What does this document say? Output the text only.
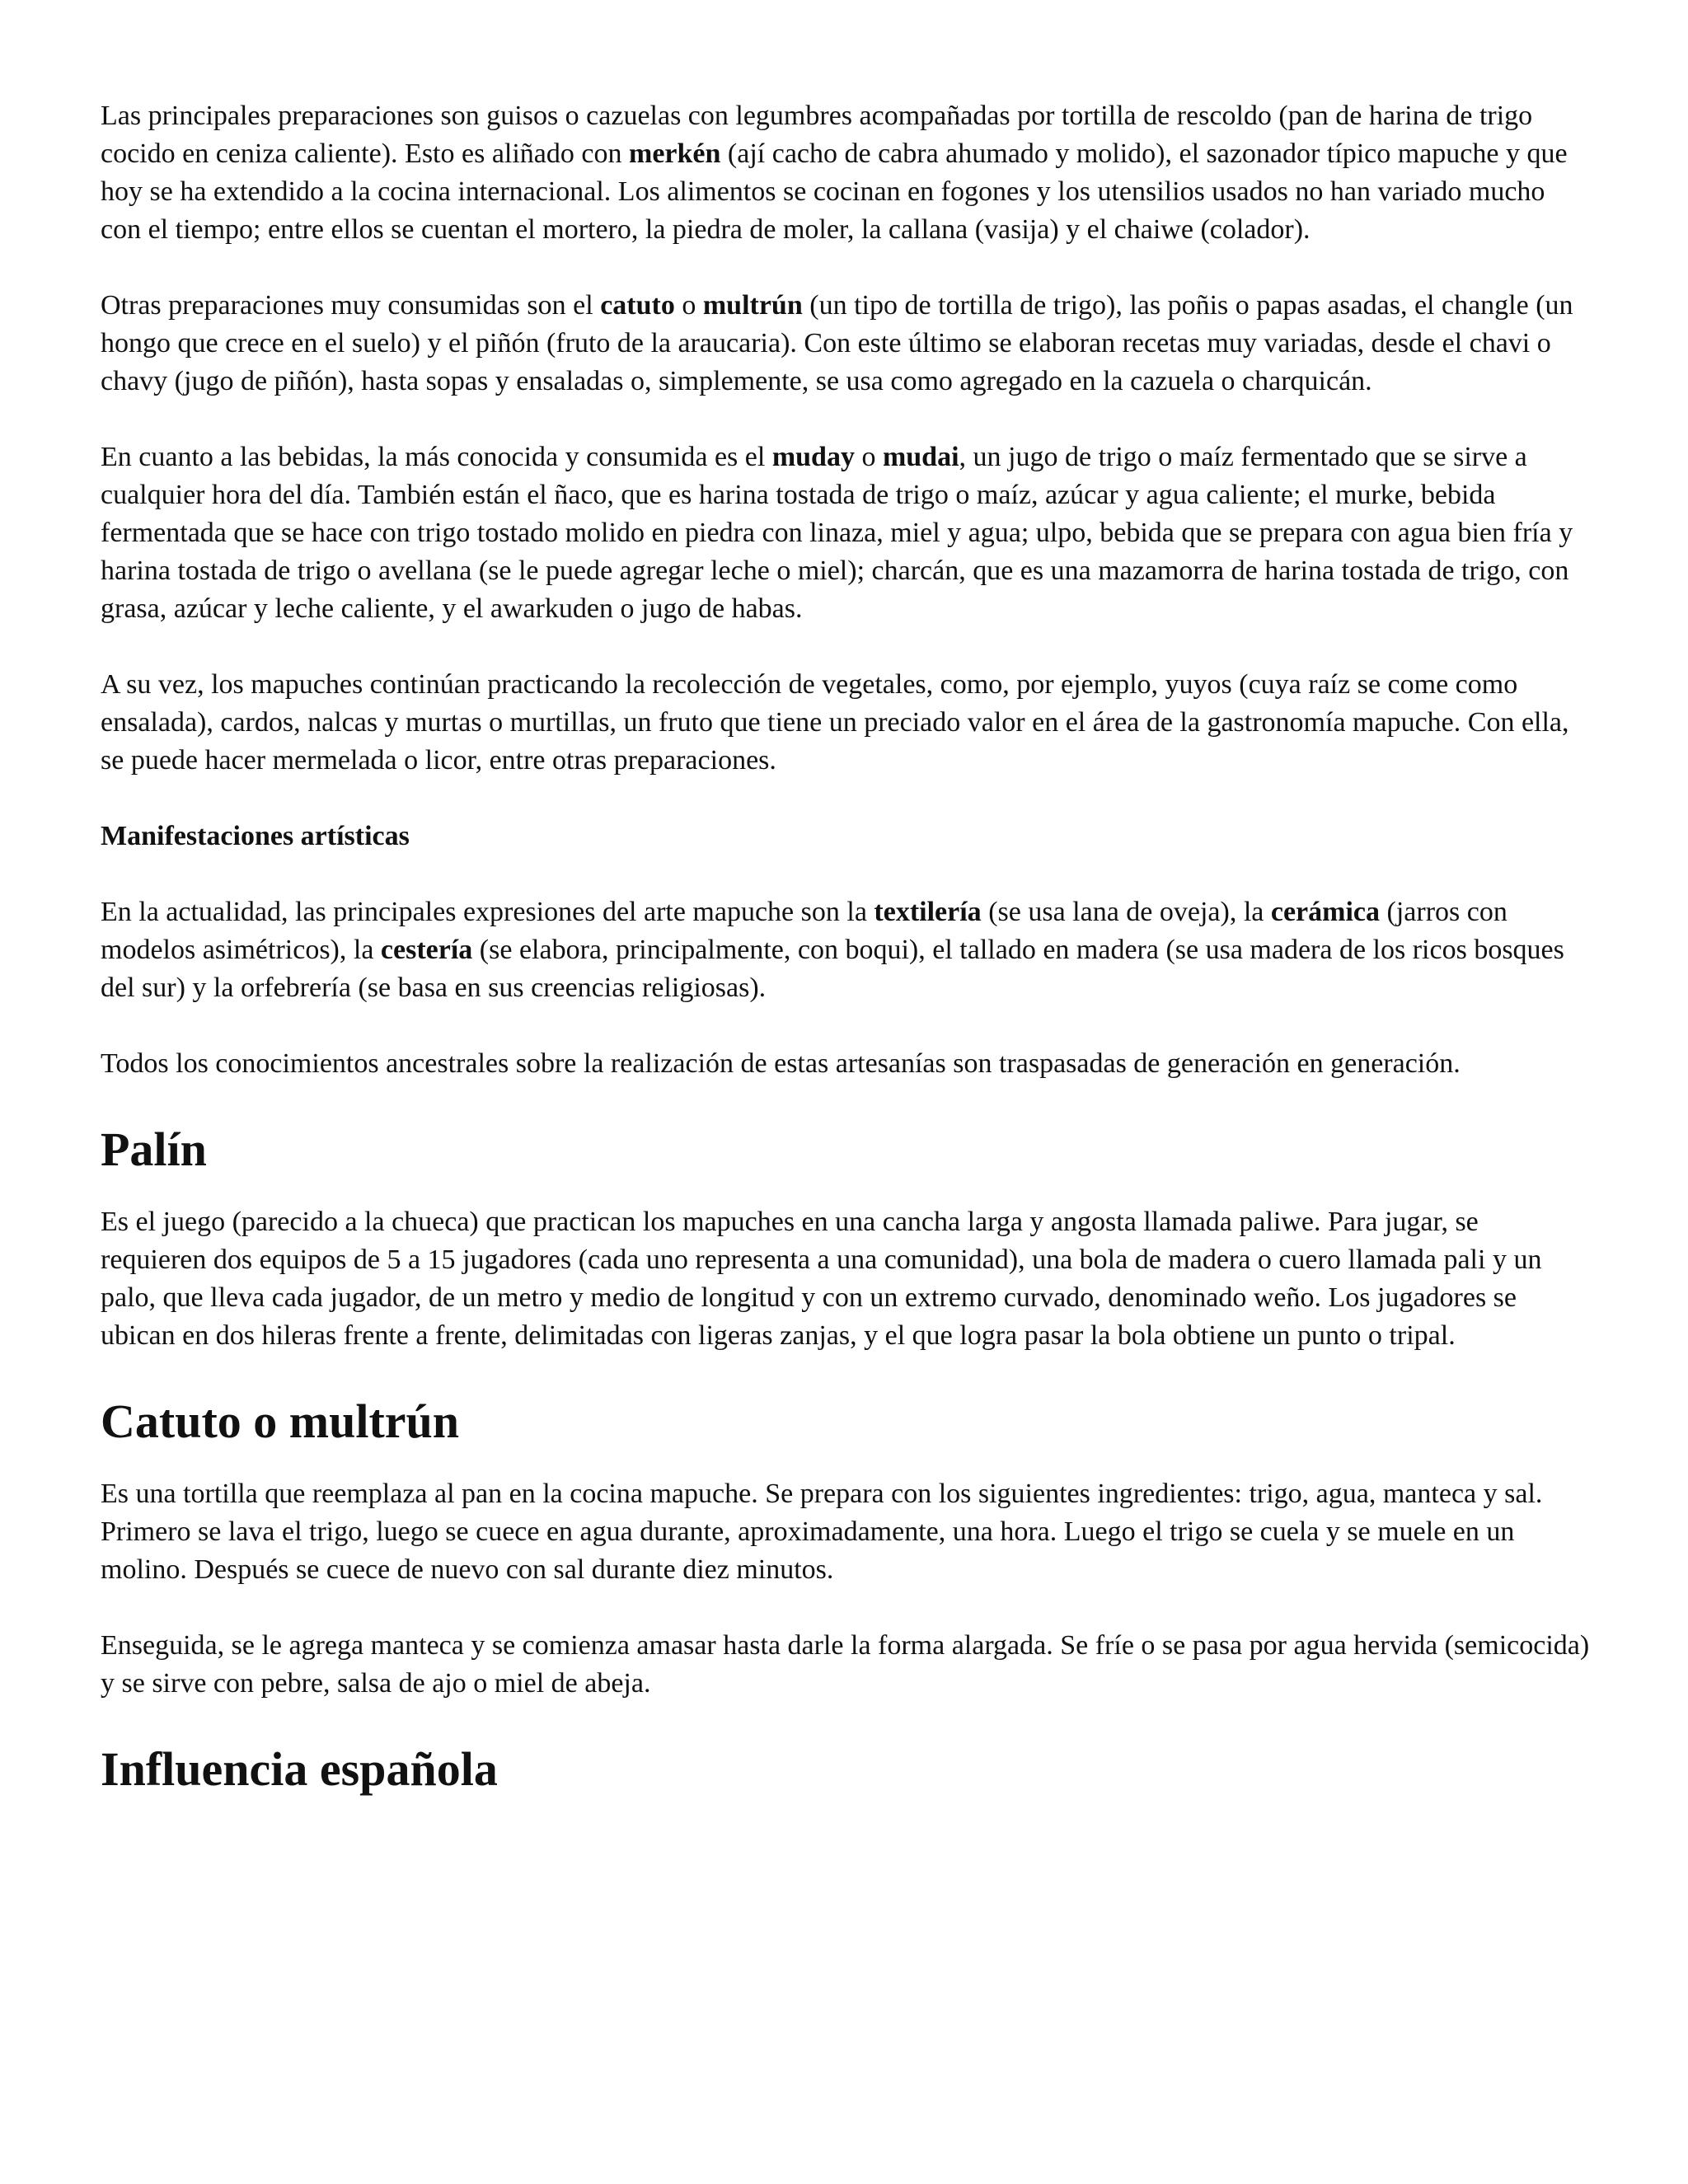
Las principales preparaciones son guisos o cazuelas con legumbres acompañadas por tortilla de rescoldo (pan de harina de trigo cocido en ceniza caliente). Esto es aliñado con merkén (ají cacho de cabra ahumado y molido), el sazonador típico mapuche y que hoy se ha extendido a la cocina internacional. Los alimentos se cocinan en fogones y los utensilios usados no han variado mucho con el tiempo; entre ellos se cuentan el mortero, la piedra de moler, la callana (vasija) y el chaiwe (colador).

Otras preparaciones muy consumidas son el catuto o multrún (un tipo de tortilla de trigo), las poñis o papas asadas, el changle (un hongo que crece en el suelo) y el piñón (fruto de la araucaria). Con este último se elaboran recetas muy variadas, desde el chavi o chavy (jugo de piñón), hasta sopas y ensaladas o, simplemente, se usa como agregado en la cazuela o charquicán.

En cuanto a las bebidas, la más conocida y consumida es el muday o mudai, un jugo de trigo o maíz fermentado que se sirve a cualquier hora del día. También están el ñaco, que es harina tostada de trigo o maíz, azúcar y agua caliente; el murke, bebida fermentada que se hace con trigo tostado molido en piedra con linaza, miel y agua; ulpo, bebida que se prepara con agua bien fría y harina tostada de trigo o avellana (se le puede agregar leche o miel); charcán, que es una mazamorra de harina tostada de trigo, con grasa, azúcar y leche caliente, y el awarkuden o jugo de habas.

A su vez, los mapuches continúan practicando la recolección de vegetales, como, por ejemplo, yuyos (cuya raíz se come como ensalada), cardos, nalcas y murtas o murtillas, un fruto que tiene un preciado valor en el área de la gastronomía mapuche. Con ella, se puede hacer mermelada o licor, entre otras preparaciones.

Manifestaciones artísticas

En la actualidad, las principales expresiones del arte mapuche son la textilería (se usa lana de oveja), la cerámica (jarros con modelos asimétricos), la cestería (se elabora, principalmente, con boqui), el tallado en madera (se usa madera de los ricos bosques del sur) y la orfebrería (se basa en sus creencias religiosas).

Todos los conocimientos ancestrales sobre la realización de estas artesanías son traspasadas de generación en generación.

Palín

Es el juego (parecido a la chueca) que practican los mapuches en una cancha larga y angosta llamada paliwe. Para jugar, se requieren dos equipos de 5 a 15 jugadores (cada uno representa a una comunidad), una bola de madera o cuero llamada pali y un palo, que lleva cada jugador, de un metro y medio de longitud y con un extremo curvado, denominado weño. Los jugadores se ubican en dos hileras frente a frente, delimitadas con ligeras zanjas, y el que logra pasar la bola obtiene un punto o tripal.

Catuto o multrún

Es una tortilla que reemplaza al pan en la cocina mapuche. Se prepara con los siguientes ingredientes: trigo, agua, manteca y sal. Primero se lava el trigo, luego se cuece en agua durante, aproximadamente, una hora. Luego el trigo se cuela y se muele en un molino. Después se cuece de nuevo con sal durante diez minutos.

Enseguida, se le agrega manteca y se comienza amasar hasta darle la forma alargada. Se fríe o se pasa por agua hervida (semicocida) y se sirve con pebre, salsa de ajo o miel de abeja.

Influencia española
